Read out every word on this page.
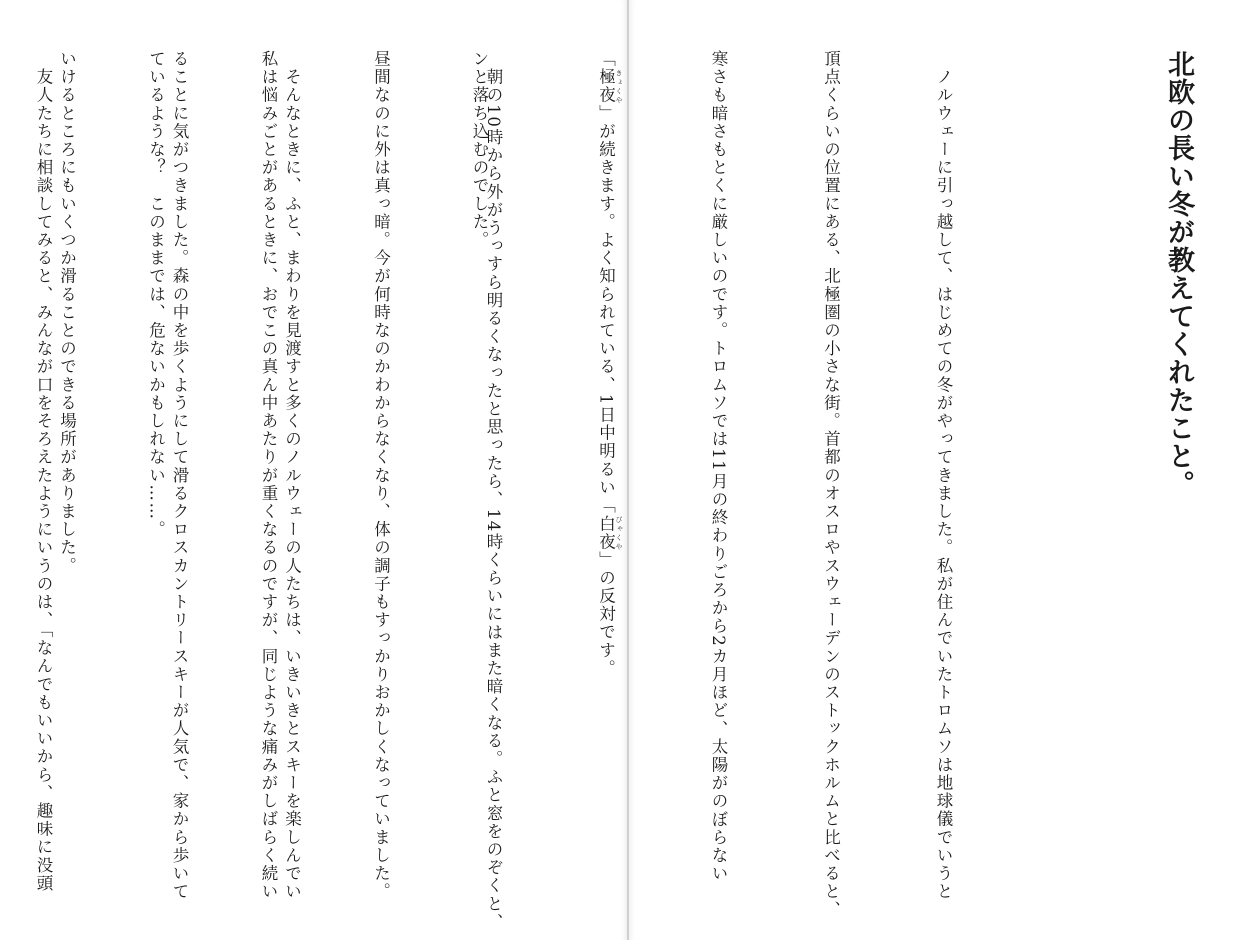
ンと落ち込むのでした。

　そんなときに、ふと、まわりを見渡すと多くのノルウェーの人たちは、いきいきとスキーを楽しんでい

ることに気がつきました。森の中を歩くようにして滑るクロスカントリースキーが人気で、家から歩いて

いけるところにもいくつか滑ることのできる場所がありました。

	北欧の長い冬が教えてくれたこと。

　ノルウェーに引っ越して、はじめての冬がやってきました。私が住んでいたトロムソは地球儀でいうと

頂点くらいの位置にある、北極圏の小さな街。首都のオスロやスウェーデンのストックホルムと比べると、

寒さも暗さもとくに厳しいのです。トロムソでは11月の終わりごろから2カ月ほど、太陽がのぼらない

「極夜 きょくや」が続きます。よく知られている、1日中明るい「白夜 びゃくや」の反対です。

　朝の10時から外がうっすら明るくなったと思ったら、14時くらいにはまた暗くなる。ふと窓をのぞくと、

昼間なのに外は真っ暗。今が何時なのかわからなくなり、体の調子もすっかりおかしくなっていました。

私は悩みごとがあるときに、おでこの真ん中あたりが重くなるのですが、同じような痛みがしばらく続い

ているような？　このままでは、危ないかもしれない……。

　友人たちに相談してみると、みんなが口をそろえたようにいうのは、「なんでもいいから、趣味に没頭
